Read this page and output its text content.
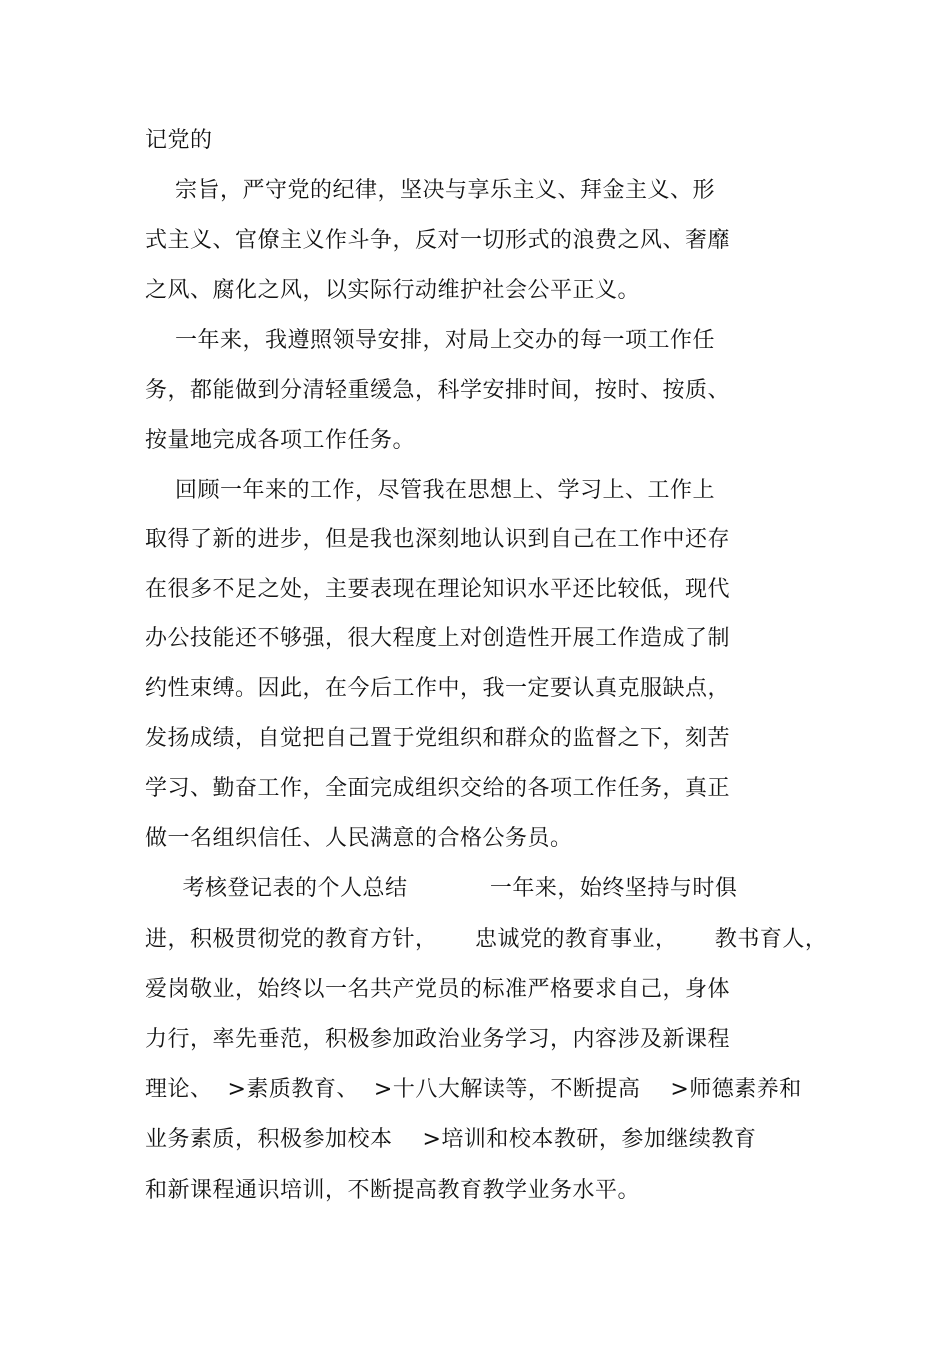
记党的
宗旨，严守党的纪律，坚决与享乐主义、拜金主义、形
式主义、官僚主义作斗争，反对一切形式的浪费之风、奢靡
之风、腐化之风，以实际行动维护社会公平正义。
一年来，我遵照领导安排，对局上交办的每一项工作任
务，都能做到分清轻重缓急，科学安排时间，按时、按质、
按量地完成各项工作任务。
回顾一年来的工作，尽管我在思想上、学习上、工作上
取得了新的进步，但是我也深刻地认识到自己在工作中还存
在很多不足之处，主要表现在理论知识水平还比较低，现代
办公技能还不够强，很大程度上对创造性开展工作造成了制
约性束缚。因此，在今后工作中，我一定要认真克服缺点，
发扬成绩，自觉把自己置于党组织和群众的监督之下，刻苦
学习、勤奋工作，全面完成组织交给的各项工作任务，真正
做一名组织信任、人民满意的合格公务员。
考核登记表的个人总结           一年来，始终坚持与时俱
进，积极贯彻党的教育方针，     忠诚党的教育事业，     教书育人，
爱岗敬业，始终以一名共产党员的标准严格要求自己，身体
力行，率先垂范，积极参加政治业务学习，内容涉及新课程
理论、  >素质教育、  >十八大解读等，不断提高    >师德素养和
业务素质，积极参加校本    >培训和校本教研，参加继续教育
和新课程通识培训，不断提高教育教学业务水平。
